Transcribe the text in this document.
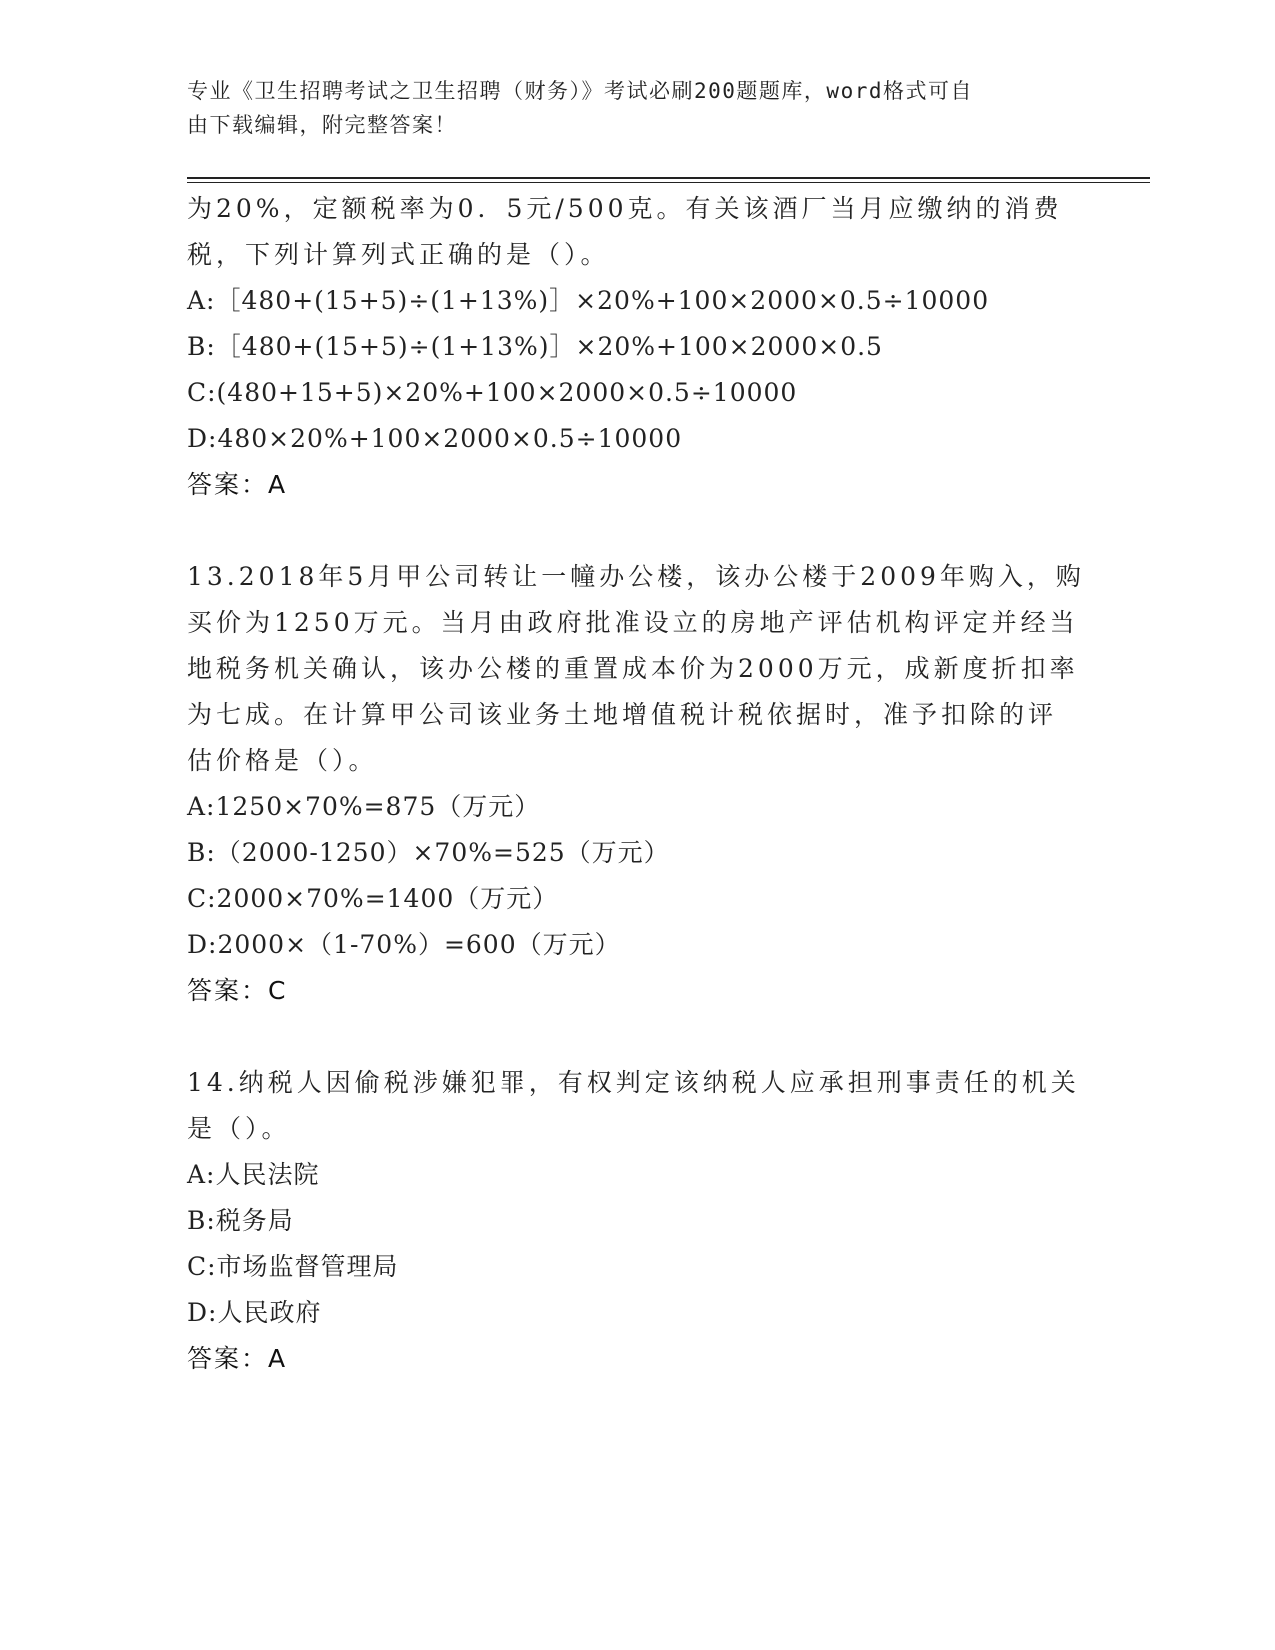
专业《卫生招聘考试之卫生招聘（财务）》考试必刷200题题库，word格式可自
由下载编辑，附完整答案！
为20%，定额税率为0．5元/500克。有关该酒厂当月应缴纳的消费
税，下列计算列式正确的是（）。
A:［480+(15+5)÷(1+13%)］×20%+100×2000×0.5÷10000
B:［480+(15+5)÷(1+13%)］×20%+100×2000×0.5
C:(480+15+5)×20%+100×2000×0.5÷10000
D:480×20%+100×2000×0.5÷10000
答案：A
13.2018年5月甲公司转让一幢办公楼，该办公楼于2009年购入，购
买价为1250万元。当月由政府批准设立的房地产评估机构评定并经当
地税务机关确认，该办公楼的重置成本价为2000万元，成新度折扣率
为七成。在计算甲公司该业务土地增值税计税依据时，准予扣除的评
估价格是（）。
A:1250×70%=875（万元）
B:（2000-1250）×70%=525（万元）
C:2000×70%=1400（万元）
D:2000×（1-70%）=600（万元）
答案：C
14.纳税人因偷税涉嫌犯罪，有权判定该纳税人应承担刑事责任的机关
是（）。
A:人民法院
B:税务局
C:市场监督管理局
D:人民政府
答案：A
